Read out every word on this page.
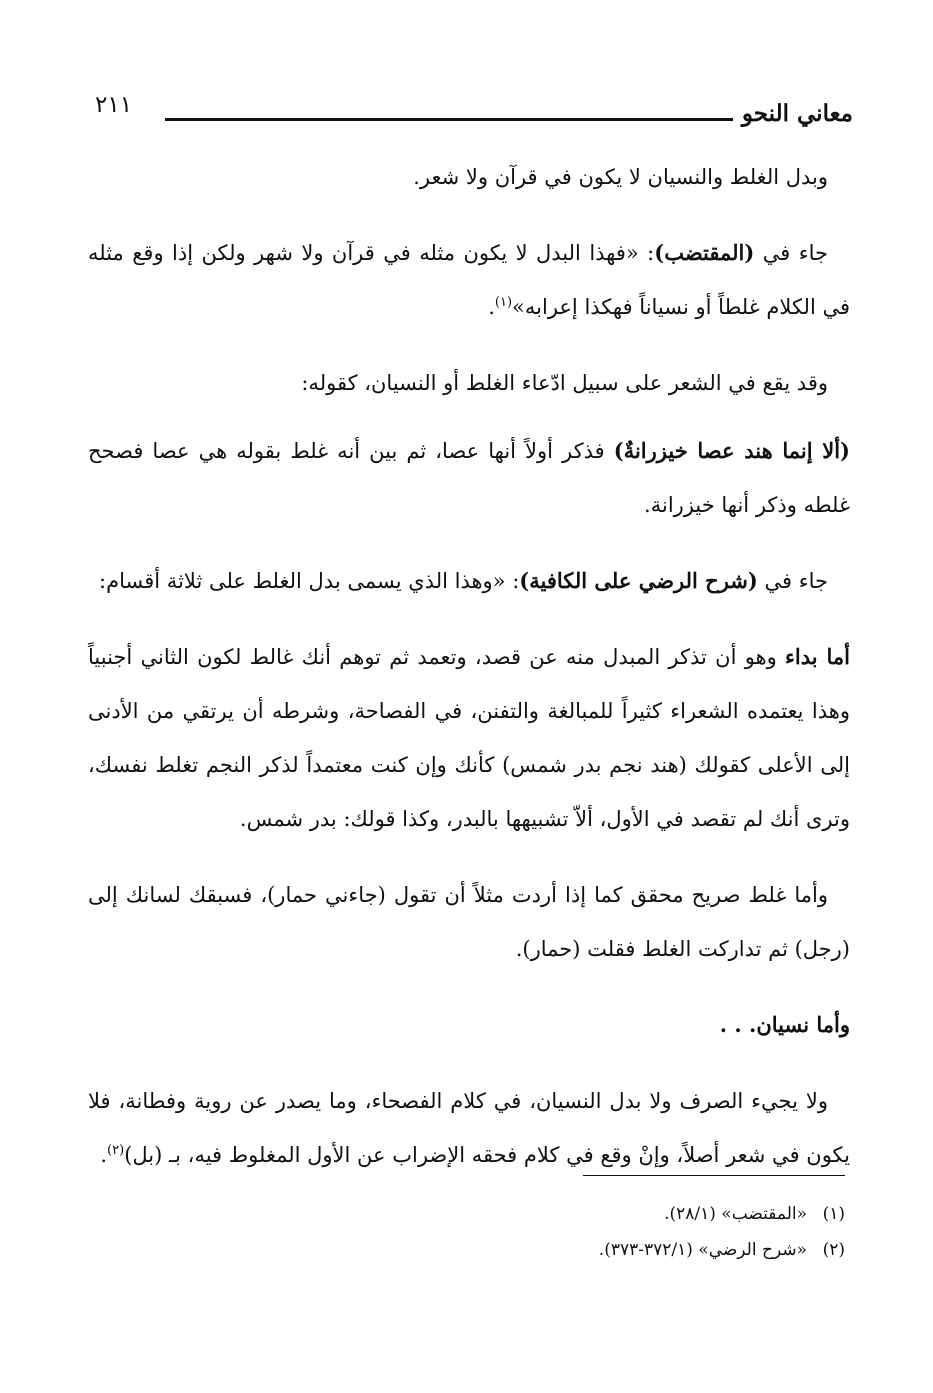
معاني النحو
٢١١

وبدل الغلط والنسيان لا يكون في قرآن ولا شعر.

جاء في (المقتضب): «فهذا البدل لا يكون مثله في قرآن ولا شهر ولكن إذا وقع مثله في الكلام غلطاً أو نسياناً فهكذا إعرابه»$^{(١)}$.

وقد يقع في الشعر على سبيل ادّعاء الغلط أو النسيان، كقوله:

(ألا إنما هند عصا خيزرانةٌ) فذكر أولاً أنها عصا، ثم بين أنه غلط بقوله هي عصا فصحح غلطه وذكر أنها خيزرانة.

جاء في (شرح الرضي على الكافية): «وهذا الذي يسمى بدل الغلط على ثلاثة أقسام:

أما بداء وهو أن تذكر المبدل منه عن قصد، وتعمد ثم توهم أنك غالط لكون الثاني أجنبياً وهذا يعتمده الشعراء كثيراً للمبالغة والتفنن، في الفصاحة، وشرطه أن يرتقي من الأدنى إلى الأعلى كقولك (هند نجم بدر شمس) كأنك وإن كنت معتمداً لذكر النجم تغلط نفسك، وترى أنك لم تقصد في الأول، ألاّ تشبيهها بالبدر، وكذا قولك: بدر شمس.

وأما غلط صريح محقق كما إذا أردت مثلاً أن تقول (جاءني حمار)، فسبقك لسانك إلى (رجل) ثم تداركت الغلط فقلت (حمار).

وأما نسيان. . .

ولا يجيء الصرف ولا بدل النسيان، في كلام الفصحاء، وما يصدر عن روية وفطانة، فلا يكون في شعر أصلاً، وإنْ وقع في كلام فحقه الإضراب عن الأول المغلوط فيه، بـ (بل)$^{(٢)}$.

(١)«المقتضب» (٢٨/١).
(٢)«شرح الرضي» (٣٧٢/١-٣٧٣).
